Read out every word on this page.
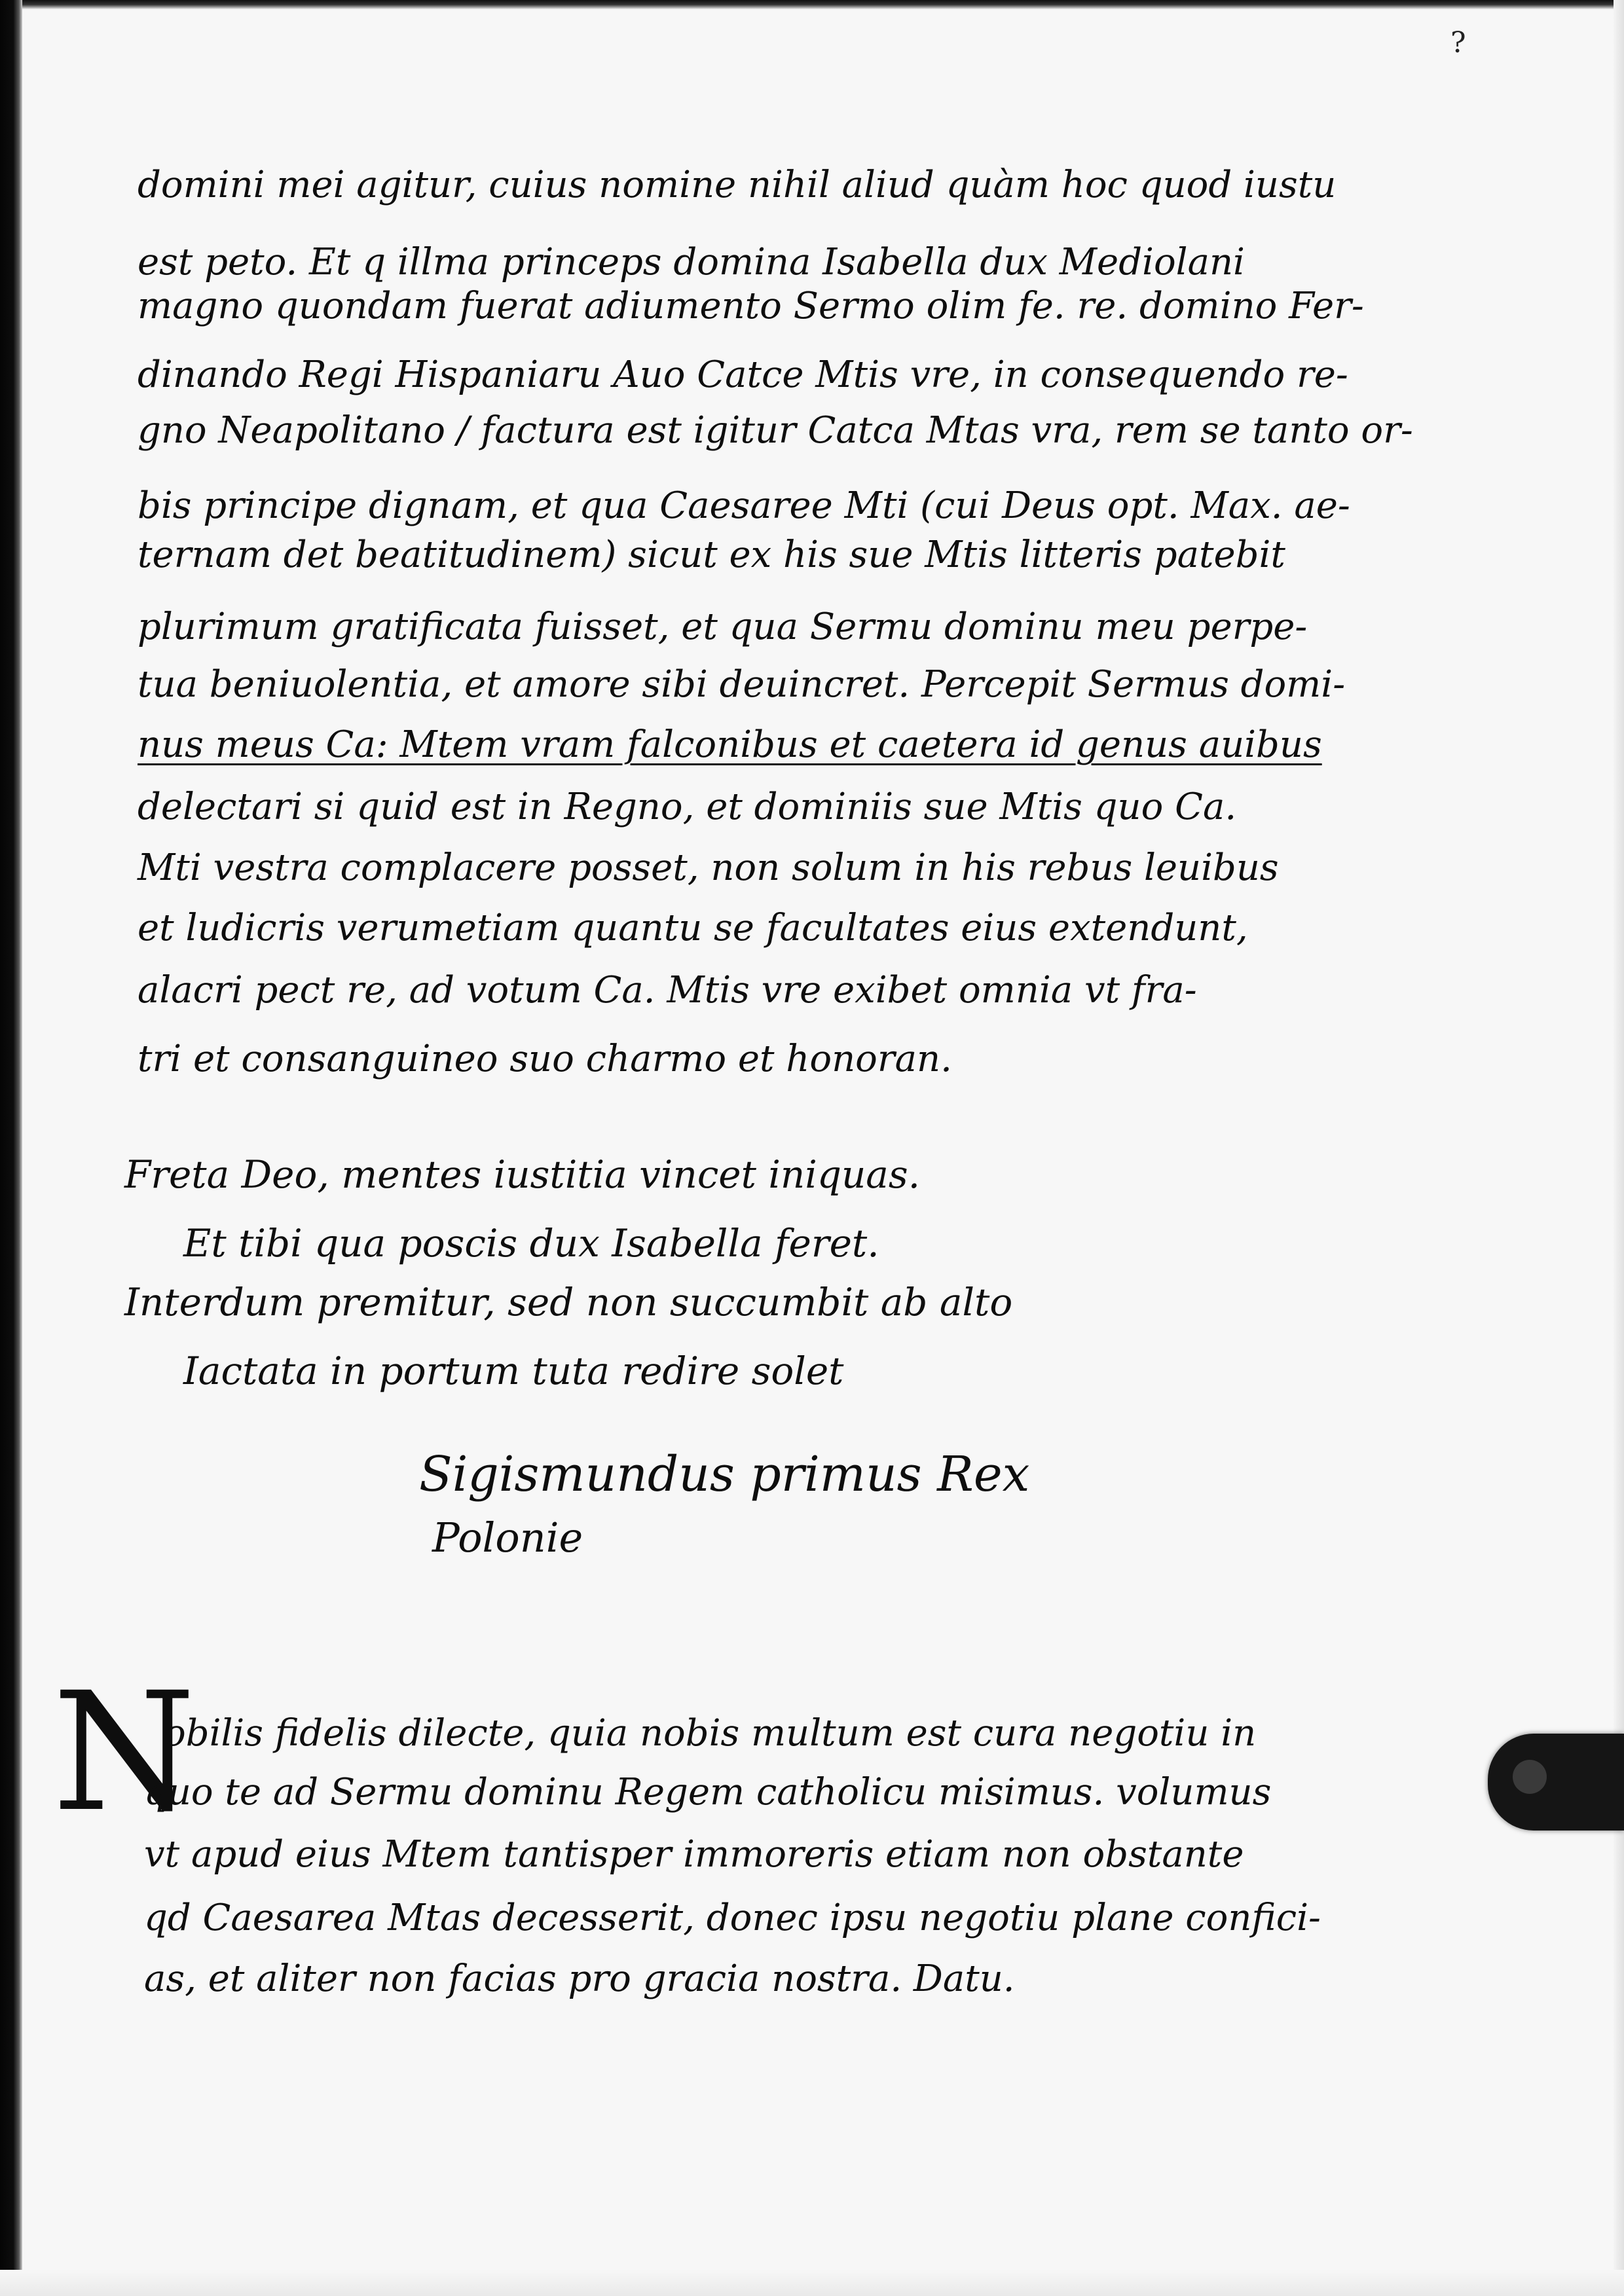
?
domini mei agitur, cuius nomine nihil aliud quàm hoc quod iustu
est peto. Et q illma princeps domina Isabella dux Mediolani
magno quondam fuerat adiumento Sermo olim fe. re. domino Fer-
dinando Regi Hispaniaru Auo Catce Mtis vre, in consequendo re-
gno Neapolitano / factura est igitur Catca Mtas vra, rem se tanto or-
bis principe dignam, et qua Caesaree Mti (cui Deus opt. Max. ae-
ternam det beatitudinem) sicut ex his sue Mtis litteris patebit
plurimum gratificata fuisset, et qua Sermu dominu meu perpe-
tua beniuolentia, et amore sibi deuincret. Percepit Sermus domi-
nus meus Ca: Mtem vram falconibus et caetera id genus auibus
delectari si quid est in Regno, et dominiis sue Mtis quo Ca.
Mti vestra complacere posset, non solum in his rebus leuibus
et ludicris verumetiam quantu se facultates eius extendunt,
alacri pect re, ad votum Ca. Mtis vre exibet omnia vt fra-
tri et consanguineo suo charmo et honoran.
Freta Deo, mentes iustitia vincet iniquas.
Et tibi qua poscis dux Isabella feret.
Interdum premitur, sed non succumbit ab alto
Iactata in portum tuta redire solet
Sigismundus primus Rex
Polonie
N
obilis fidelis dilecte, quia nobis multum est cura negotiu in
quo te ad Sermu dominu Regem catholicu misimus. volumus
vt apud eius Mtem tantisper immoreris etiam non obstante
qd Caesarea Mtas decesserit, donec ipsu negotiu plane confici-
as, et aliter non facias pro gracia nostra. Datu.
